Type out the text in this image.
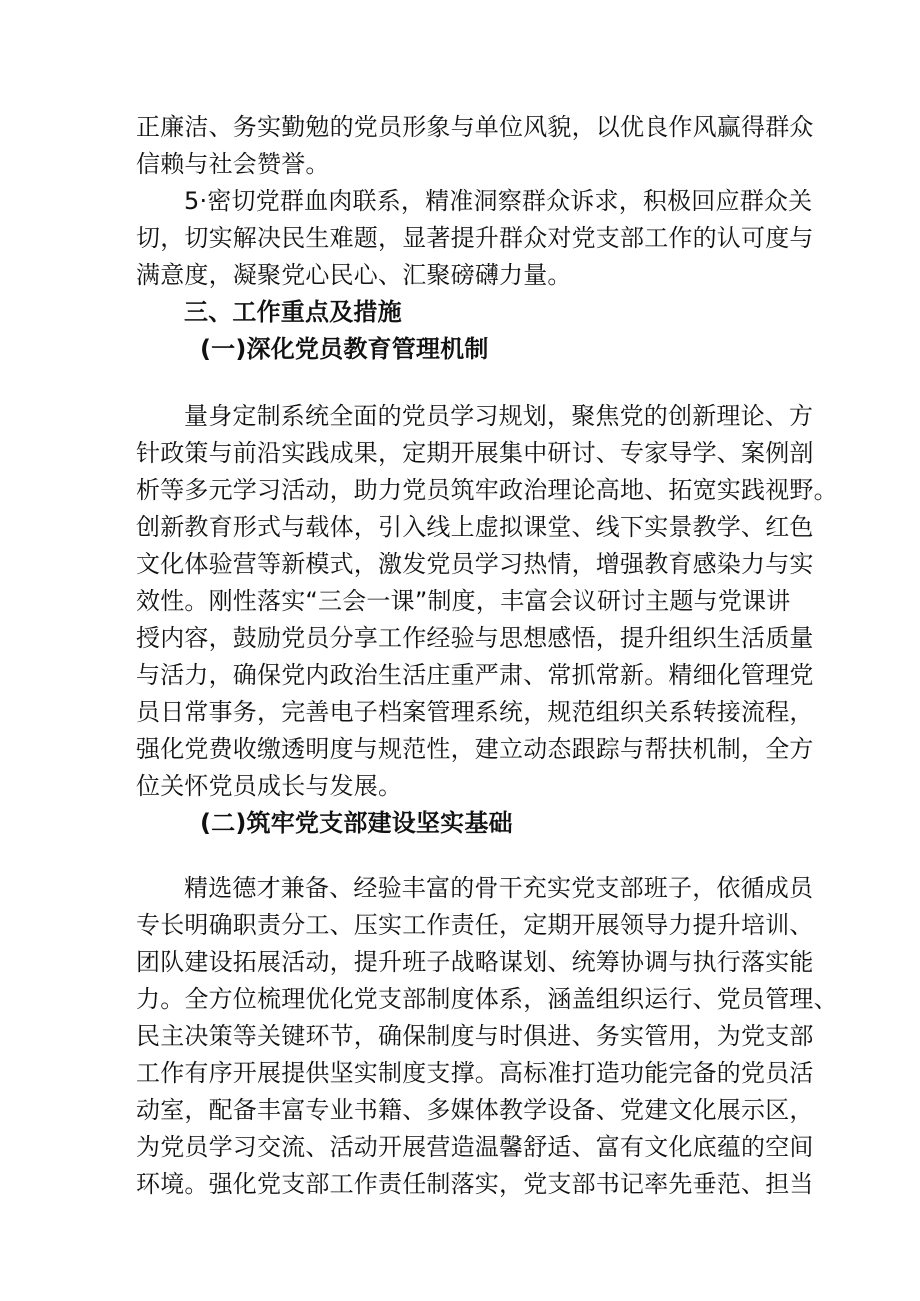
正廉洁、务实勤勉的党员形象与单位风貌，以优良作风赢得群众
信赖与社会赞誉。
5·密切党群血肉联系，精准洞察群众诉求，积极回应群众关
切，切实解决民生难题，显著提升群众对党支部工作的认可度与
满意度，凝聚党心民心、汇聚磅礴力量。
三、工作重点及措施
(一)深化党员教育管理机制
量身定制系统全面的党员学习规划，聚焦党的创新理论、方
针政策与前沿实践成果，定期开展集中研讨、专家导学、案例剖
析等多元学习活动，助力党员筑牢政治理论高地、拓宽实践视野。
创新教育形式与载体，引入线上虚拟课堂、线下实景教学、红色
文化体验营等新模式，激发党员学习热情，增强教育感染力与实
效性。刚性落实“三会一课”制度，丰富会议研讨主题与党课讲
授内容，鼓励党员分享工作经验与思想感悟，提升组织生活质量
与活力，确保党内政治生活庄重严肃、常抓常新。精细化管理党
员日常事务，完善电子档案管理系统，规范组织关系转接流程，
强化党费收缴透明度与规范性，建立动态跟踪与帮扶机制，全方
位关怀党员成长与发展。
(二)筑牢党支部建设坚实基础
精选德才兼备、经验丰富的骨干充实党支部班子，依循成员
专长明确职责分工、压实工作责任，定期开展领导力提升培训、
团队建设拓展活动，提升班子战略谋划、统筹协调与执行落实能
力。全方位梳理优化党支部制度体系，涵盖组织运行、党员管理、
民主决策等关键环节，确保制度与时俱进、务实管用，为党支部
工作有序开展提供坚实制度支撑。高标准打造功能完备的党员活
动室，配备丰富专业书籍、多媒体教学设备、党建文化展示区，
为党员学习交流、活动开展营造温馨舒适、富有文化底蕴的空间
环境。强化党支部工作责任制落实，党支部书记率先垂范、担当
